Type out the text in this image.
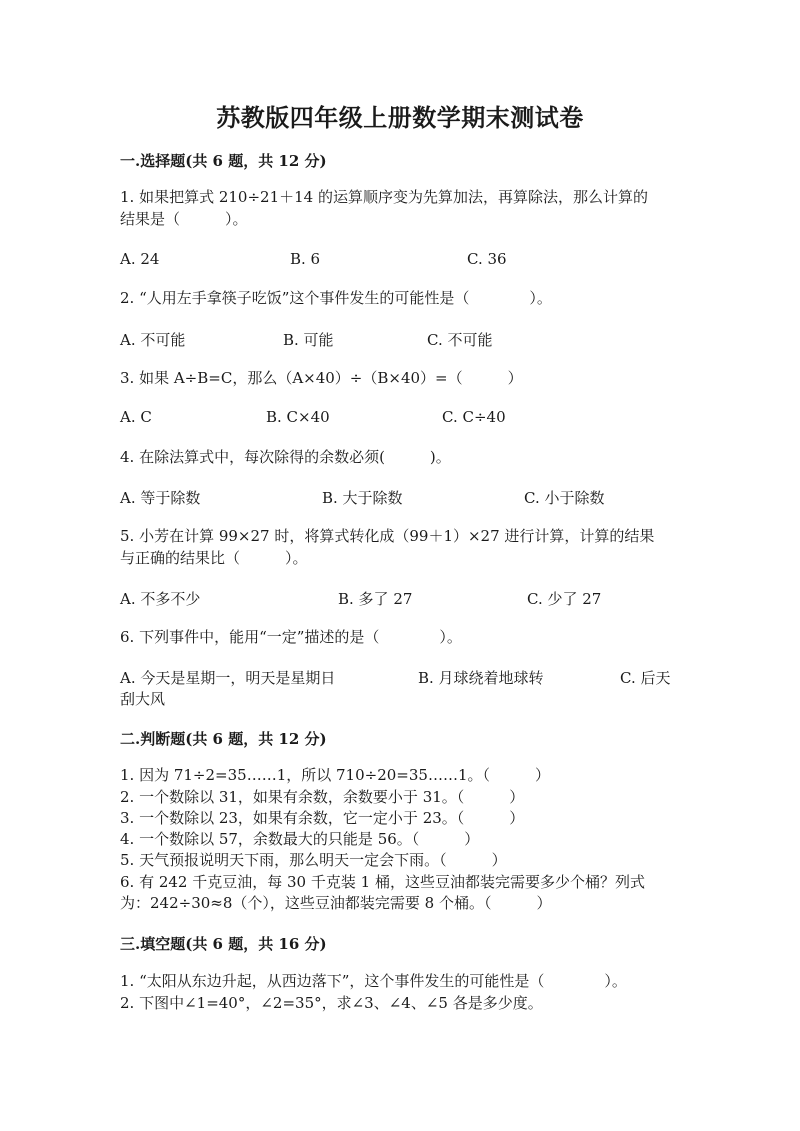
苏教版四年级上册数学期末测试卷
一.选择题(共 6 题，共 12 分)
1. 如果把算式 210÷21＋14 的运算顺序变为先算加法，再算除法，那么计算的
结果是（　　　）。
A. 24	B. 6	C. 36
2. “人用左手拿筷子吃饭”这个事件发生的可能性是（　　　　）。
A. 不可能	B. 可能	C. 不可能
3. 如果 A÷B=C，那么（A×40）÷（B×40）=（　　　）
A. C	B. C×40	C. C÷40
4. 在除法算式中，每次除得的余数必须(　　　)。
A. 等于除数	B. 大于除数	C. 小于除数
5. 小芳在计算 99×27 时，将算式转化成（99＋1）×27 进行计算，计算的结果
与正确的结果比（　　　）。
A. 不多不少	B. 多了 27	C. 少了 27
6. 下列事件中，能用“一定”描述的是（　　　　）。
A. 今天是星期一，明天是星期日	B. 月球绕着地球转	C. 后天
刮大风
二.判断题(共 6 题，共 12 分)
1. 因为 71÷2=35……1，所以 710÷20=35……1。（　　　）
2. 一个数除以 31，如果有余数，余数要小于 31。（　　　）
3. 一个数除以 23，如果有余数，它一定小于 23。（　　　）
4. 一个数除以 57，余数最大的只能是 56。（　　　）
5. 天气预报说明天下雨，那么明天一定会下雨。（　　　）
6. 有 242 千克豆油，每 30 千克装 1 桶，这些豆油都装完需要多少个桶？列式
为：242÷30≈8（个），这些豆油都装完需要 8 个桶。（　　　）
三.填空题(共 6 题，共 16 分)
1. “太阳从东边升起，从西边落下”，这个事件发生的可能性是（　　　　）。
2. 下图中∠1=40°，∠2=35°，求∠3、∠4、∠5 各是多少度。
